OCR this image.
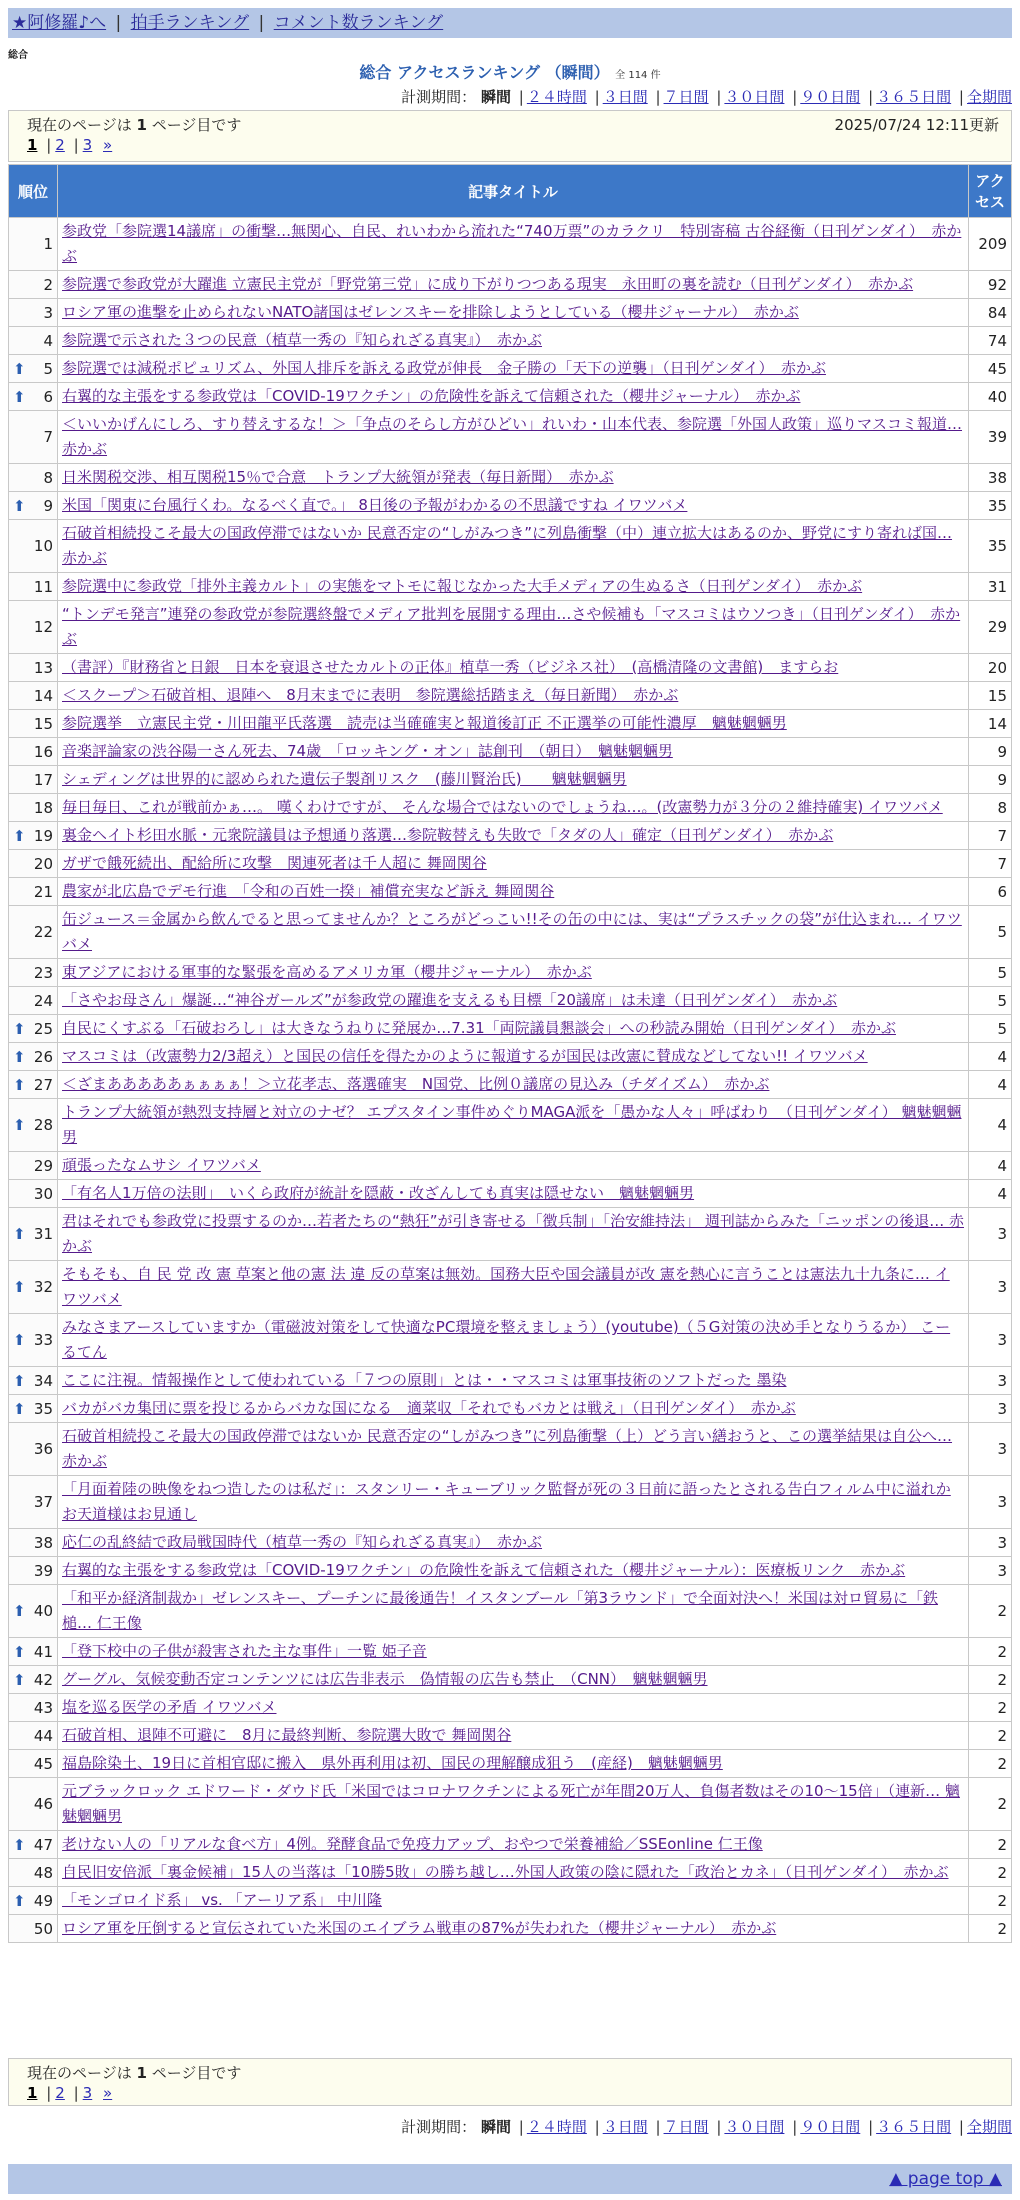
★阿修羅♪へ | 拍手ランキング | コメント数ランキング
総合
総合 アクセスランキング （瞬間） 全 114 件
計測期間： 瞬間 | ２４時間 | ３日間 | ７日間 | ３０日間 | ９０日間 | ３６５日間 | 全期間
2025/07/24 12:11更新
現在のページは 1 ページ目です
1 | 2 | 3 »
順位	記事タイトル	アクセス
1	参政党「参院選14議席」の衝撃…無関心、自民、れいわから流れた“740万票”のカラクリ　特別寄稿 古谷経衡（日刊ゲンダイ）　赤かぶ	209
2	参院選で参政党が大躍進 立憲民主党が「野党第三党」に成り下がりつつある現実　永田町の裏を読む（日刊ゲンダイ）　赤かぶ	92
3	ロシア軍の進撃を止められないNATO諸国はゼレンスキーを排除しようとしている（櫻井ジャーナル）　赤かぶ	84
4	参院選で示された３つの民意（植草一秀の『知られざる真実』）　赤かぶ	74

⬆ 5	参院選では減税ポピュリズム、外国人排斥を訴える政党が伸長　金子勝の「天下の逆襲」（日刊ゲンダイ）　赤かぶ	45

⬆ 6	右翼的な主張をする参政党は「COVID-19ワクチン」の危険性を訴えて信頼された（櫻井ジャーナル）　赤かぶ	40
7	＜いいかげんにしろ、すり替えするな！＞「争点のそらし方がひどい」れいわ・山本代表、参院選「外国人政策」巡りマスコミ報道… 赤かぶ	39
8	日米関税交渉、相互関税15％で合意　トランプ大統領が発表（毎日新聞）　赤かぶ	38

⬆ 9	米国「関東に台風行くわ。なるべく直で。」 8日後の予報がわかるの不思議ですね イワツバメ	35
10	石破首相続投こそ最大の国政停滞ではないか 民意否定の“しがみつき”に列島衝撃（中）連立拡大はあるのか、野党にすり寄れば国… 赤かぶ	35
11	参院選中に参政党「排外主義カルト」の実態をマトモに報じなかった大手メディアの生ぬるさ（日刊ゲンダイ）　赤かぶ	31
12	“トンデモ発言”連発の参政党が参院選終盤でメディア批判を展開する理由…さや候補も「マスコミはウソつき」（日刊ゲンダイ）　赤かぶ	29
13	（書評）『財務省と日銀　日本を衰退させたカルトの正体』植草一秀（ビジネス社）　(高橋清隆の文書館)　ますらお	20
14	＜スクープ＞石破首相、退陣へ　8月末までに表明　参院選総括踏まえ（毎日新聞）　赤かぶ	15
15	参院選挙　立憲民主党・川田龍平氏落選　読売は当確確実と報道後訂正 不正選挙の可能性濃厚　魑魅魍魎男	14
16	音楽評論家の渋谷陽一さん死去、74歳　「ロッキング・オン」誌創刊　（朝日）　魑魅魍魎男	9
17	シェディングは世界的に認められた遺伝子製剤リスク　(藤川賢治氏)　　魑魅魍魎男	9
18	毎日毎日、これが戦前かぁ…。 嘆くわけですが、 そんな場合ではないのでしょうね…。(改憲勢力が３分の２維持確実) イワツバメ	8

⬆ 19	裏金ヘイト杉田水脈・元衆院議員は予想通り落選…参院鞍替えも失敗で「タダの人」確定（日刊ゲンダイ）　赤かぶ	7
20	ガザで餓死続出、配給所に攻撃　関連死者は千人超に 舞岡関谷	7
21	農家が北広島でデモ行進　「令和の百姓一揆」補償充実など訴え 舞岡関谷	6
22	缶ジュース＝金属から飲んでると思ってませんか？ところがどっこい!!その缶の中には、実は“プラスチックの袋”が仕込まれ… イワツバメ	5
23	東アジアにおける軍事的な緊張を高めるアメリカ軍（櫻井ジャーナル）　赤かぶ	5
24	「さやお母さん」爆誕…“神谷ガールズ”が参政党の躍進を支えるも目標「20議席」は未達（日刊ゲンダイ）　赤かぶ	5

⬆ 25	自民にくすぶる「石破おろし」は大きなうねりに発展か…7.31「両院議員懇談会」への秒読み開始（日刊ゲンダイ）　赤かぶ	5

⬆ 26	マスコミは（改憲勢力2/3超え）と国民の信任を得たかのように報道するが国民は改憲に賛成などしてない!! イワツバメ	4

⬆ 27	＜ざまあああああぁぁぁぁ！＞立花孝志、落選確実　N国党、比例０議席の見込み（チダイズム）　赤かぶ	4

⬆ 28	トランプ大統領が熱烈支持層と対立のナゼ？ エプスタイン事件めぐりMAGA派を「愚かな人々」呼ばわり　（日刊ゲンダイ） 魑魅魍魎男	4
29	頑張ったなムサシ イワツバメ	4
30	「有名人1万倍の法則」　いくら政府が統計を隠蔽・改ざんしても真実は隠せない　魑魅魍魎男	4

⬆ 31	君はそれでも参政党に投票するのか…若者たちの“熱狂”が引き寄せる「徴兵制」「治安維持法」 週刊誌からみた「ニッポンの後退… 赤かぶ	3

⬆ 32	そもそも、自 民 党 改 憲 草案と他の憲 法 違 反の草案は無効。国務大臣や国会議員が改 憲を熱心に言うことは憲法九十九条に… イワツバメ	3

⬆ 33	みなさまアースしていますか（電磁波対策をして快適なPC環境を整えましょう）(youtube)（５G対策の決め手となりうるか） こーるてん	3

⬆ 34	ここに注視。情報操作として使われている「７つの原則」とは・・マスコミは軍事技術のソフトだった 墨染	3

⬆ 35	バカがバカ集団に票を投じるからバカな国になる　適菜収「それでもバカとは戦え」（日刊ゲンダイ）　赤かぶ	3
36	石破首相続投こそ最大の国政停滞ではないか 民意否定の“しがみつき”に列島衝撃（上）どう言い繕おうと、この選挙結果は自公へ… 赤かぶ	3
37	「月面着陸の映像をねつ造したのは私だ」：スタンリー・キューブリック監督が死の３日前に語ったとされる告白フィルム中に溢れか お天道様はお見通し	3
38	応仁の乱終結で政局戦国時代（植草一秀の『知られざる真実』）　赤かぶ	3
39	右翼的な主張をする参政党は「COVID-19ワクチン」の危険性を訴えて信頼された（櫻井ジャーナル）：医療板リンク　赤かぶ	3

⬆ 40	「和平か経済制裁か」ゼレンスキー、プーチンに最後通告！イスタンブール「第3ラウンド」で全面対決へ！米国は対ロ貿易に「鉄槌… 仁王像	2

⬆ 41	「登下校中の子供が殺害された主な事件」一覧 姫子音	2

⬆ 42	グーグル、気候変動否定コンテンツには広告非表示　偽情報の広告も禁止　（CNN）　魑魅魍魎男	2
43	塩を巡る医学の矛盾 イワツバメ	2
44	石破首相、退陣不可避に　8月に最終判断、参院選大敗で 舞岡関谷	2
45	福島除染土、19日に首相官邸に搬入　県外再利用は初、国民の理解醸成狙う　(産経)　魑魅魍魎男	2
46	元ブラックロック エドワード・ダウド氏「米国ではコロナワクチンによる死亡が年間20万人、負傷者数はその10〜15倍」（連新… 魑魅魍魎男	2

⬆ 47	老けない人の「リアルな食べ方」4例。発酵食品で免疫力アップ、おやつで栄養補給／SSEonline 仁王像	2
48	自民旧安倍派「裏金候補」15人の当落は「10勝5敗」の勝ち越し…外国人政策の陰に隠れた「政治とカネ」（日刊ゲンダイ）　赤かぶ	2

⬆ 49	「モンゴロイド系」 vs. 「アーリア系」 中川隆	2
50	ロシア軍を圧倒すると宣伝されていた米国のエイブラム戦車の87%が失われた（櫻井ジャーナル）　赤かぶ	2
現在のページは 1 ページ目です
1 | 2 | 3 »
計測期間： 瞬間 | ２４時間 | ３日間 | ７日間 | ３０日間 | ９０日間 | ３６５日間 | 全期間
▲ page top ▲
